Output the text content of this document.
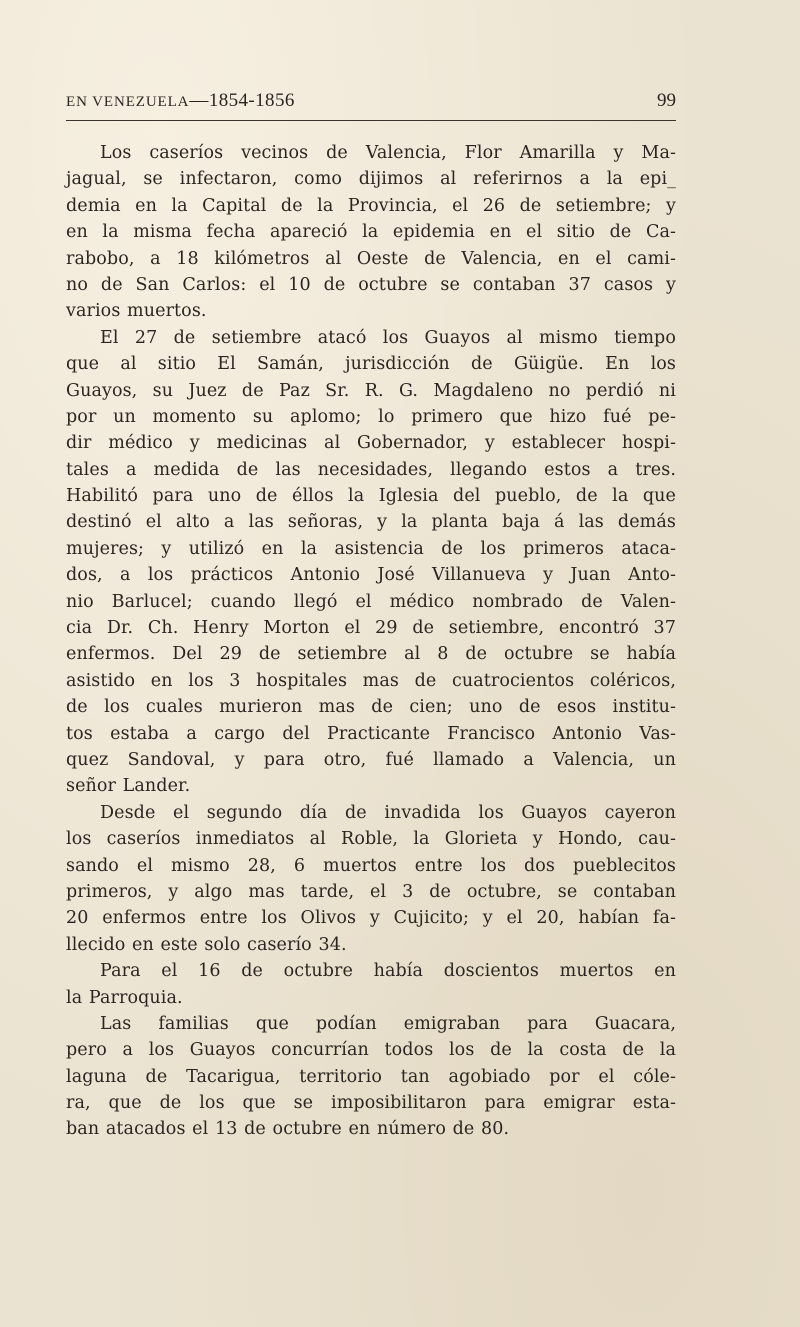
EN VENEZUELA—1854-1856	99
Los caseríos vecinos de Valencia, Flor Amarilla y Ma-
jagual, se infectaron, como dijimos al referirnos a la epi_
demia en la Capital de la Provincia, el 26 de setiembre; y
en la misma fecha apareció la epidemia en el sitio de Ca-
rabobo, a 18 kilómetros al Oeste de Valencia, en el cami-
no de San Carlos: el 10 de octubre se contaban 37 casos y
varios muertos.
El 27 de setiembre atacó los Guayos al mismo tiempo
que al sitio El Samán, jurisdicción de Güigüe. En los
Guayos, su Juez de Paz Sr. R. G. Magdaleno no perdió ni
por un momento su aplomo; lo primero que hizo fué pe-
dir médico y medicinas al Gobernador, y establecer hospi-
tales a medida de las necesidades, llegando estos a tres.
Habilitó para uno de éllos la Iglesia del pueblo, de la que
destinó el alto a las señoras, y la planta baja á las demás
mujeres; y utilizó en la asistencia de los primeros ataca-
dos, a los prácticos Antonio José Villanueva y Juan Anto-
nio Barlucel; cuando llegó el médico nombrado de Valen-
cia Dr. Ch. Henry Morton el 29 de setiembre, encontró 37
enfermos. Del 29 de setiembre al 8 de octubre se había
asistido en los 3 hospitales mas de cuatrocientos coléricos,
de los cuales murieron mas de cien; uno de esos institu-
tos estaba a cargo del Practicante Francisco Antonio Vas-
quez Sandoval, y para otro, fué llamado a Valencia, un
señor Lander.
Desde el segundo día de invadida los Guayos cayeron
los caseríos inmediatos al Roble, la Glorieta y Hondo, cau-
sando el mismo 28, 6 muertos entre los dos pueblecitos
primeros, y algo mas tarde, el 3 de octubre, se contaban
20 enfermos entre los Olivos y Cujicito; y el 20, habían fa-
llecido en este solo caserío 34.
Para el 16 de octubre había doscientos muertos en
la Parroquia.
Las familias que podían emigraban para Guacara,
pero a los Guayos concurrían todos los de la costa de la
laguna de Tacarigua, territorio tan agobiado por el cóle-
ra, que de los que se imposibilitaron para emigrar esta-
ban atacados el 13 de octubre en número de 80.
